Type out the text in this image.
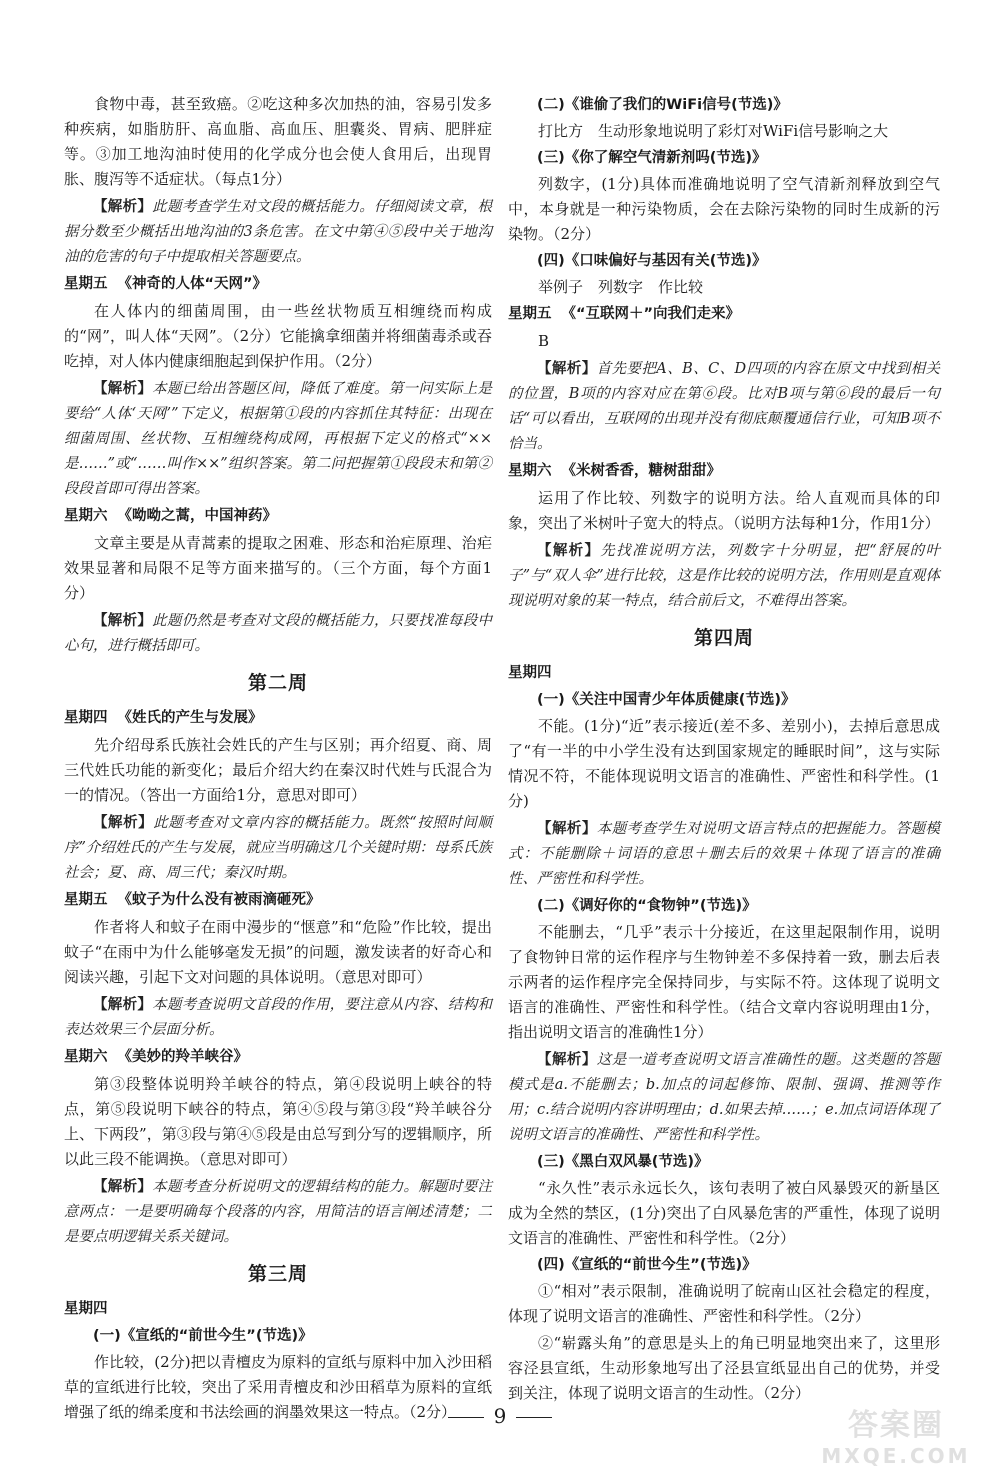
食物中毒，甚至致癌。②吃这种多次加热的油，容易引发多种疾病，如脂肪肝、高血脂、高血压、胆囊炎、胃病、肥胖症等。③加工地沟油时使用的化学成分也会使人食用后，出现胃胀、腹泻等不适症状。（每点1分）
【解析】此题考查学生对文段的概括能力。仔细阅读文章，根据分数至少概括出地沟油的3条危害。在文中第④⑤段中关于地沟油的危害的句子中提取相关答题要点。
星期五 《神奇的人体“天网”》
在人体内的细菌周围，由一些丝状物质互相缠绕而构成的“网”，叫人体“天网”。（2分）它能擒拿细菌并将细菌毒杀或吞吃掉，对人体内健康细胞起到保护作用。（2分）
【解析】本题已给出答题区间，降低了难度。第一问实际上是要给“人体‘天网’”下定义，根据第①段的内容抓住其特征：出现在细菌周围、丝状物、互相缠绕构成网，再根据下定义的格式“××是……”或“……叫作××”组织答案。第二问把握第①段段末和第②段段首即可得出答案。
星期六 《呦呦之蒿，中国神药》
文章主要是从青蒿素的提取之困难、形态和治疟原理、治疟效果显著和局限不足等方面来描写的。（三个方面，每个方面1分）
【解析】此题仍然是考查对文段的概括能力，只要找准每段中心句，进行概括即可。
第二周
星期四 《姓氏的产生与发展》
先介绍母系氏族社会姓氏的产生与区别；再介绍夏、商、周三代姓氏功能的新变化；最后介绍大约在秦汉时代姓与氏混合为一的情况。（答出一方面给1分，意思对即可）
【解析】此题考查对文章内容的概括能力。既然“按照时间顺序”介绍姓氏的产生与发展，就应当明确这几个关键时期：母系氏族社会；夏、商、周三代；秦汉时期。
星期五 《蚊子为什么没有被雨滴砸死》
作者将人和蚊子在雨中漫步的“惬意”和“危险”作比较，提出蚊子“在雨中为什么能够毫发无损”的问题，激发读者的好奇心和阅读兴趣，引起下文对问题的具体说明。（意思对即可）
【解析】本题考查说明文首段的作用，要注意从内容、结构和表达效果三个层面分析。
星期六 《美妙的羚羊峡谷》
第③段整体说明羚羊峡谷的特点，第④段说明上峡谷的特点，第⑤段说明下峡谷的特点，第④⑤段与第③段“羚羊峡谷分上、下两段”，第③段与第④⑤段是由总写到分写的逻辑顺序，所以此三段不能调换。（意思对即可）
【解析】本题考查分析说明文的逻辑结构的能力。解题时要注意两点：一是要明确每个段落的内容，用简洁的语言阐述清楚；二是要点明逻辑关系关键词。
第三周
星期四
(一)《宣纸的“前世今生”(节选)》
作比较，(2分)把以青檀皮为原料的宣纸与原料中加入沙田稻草的宣纸进行比较，突出了采用青檀皮和沙田稻草为原料的宣纸增强了纸的绵柔度和书法绘画的润墨效果这一特点。（2分）
(二)《谁偷了我们的WiFi信号(节选)》
打比方　生动形象地说明了彩灯对WiFi信号影响之大
(三)《你了解空气清新剂吗(节选)》
列数字，(1分)具体而准确地说明了空气清新剂释放到空气中，本身就是一种污染物质，会在去除污染物的同时生成新的污染物。（2分）
(四)《口味偏好与基因有关(节选)》
举例子　列数字　作比较
星期五 《“互联网＋”向我们走来》
B
【解析】首先要把A、B、C、D四项的内容在原文中找到相关的位置，B项的内容对应在第⑥段。比对B项与第⑥段的最后一句话“可以看出，互联网的出现并没有彻底颠覆通信行业，可知B项不恰当。
星期六 《米树香香，糖树甜甜》
运用了作比较、列数字的说明方法。给人直观而具体的印象，突出了米树叶子宽大的特点。（说明方法每种1分，作用1分）
【解析】先找准说明方法，列数字十分明显，把“舒展的叶子”与“双人伞”进行比较，这是作比较的说明方法，作用则是直观体现说明对象的某一特点，结合前后文，不难得出答案。
第四周
星期四
(一)《关注中国青少年体质健康(节选)》
不能。(1分)“近”表示接近(差不多、差别小)，去掉后意思成了“有一半的中小学生没有达到国家规定的睡眠时间”，这与实际情况不符，不能体现说明文语言的准确性、严密性和科学性。(1分)
【解析】本题考查学生对说明文语言特点的把握能力。答题模式：不能删除＋词语的意思＋删去后的效果＋体现了语言的准确性、严密性和科学性。
(二)《调好你的“食物钟”(节选)》
不能删去，“几乎”表示十分接近，在这里起限制作用，说明了食物钟日常的运作程序与生物钟差不多保持着一致，删去后表示两者的运作程序完全保持同步，与实际不符。这体现了说明文语言的准确性、严密性和科学性。（结合文章内容说明理由1分，指出说明文语言的准确性1分）
【解析】这是一道考查说明文语言准确性的题。这类题的答题模式是a.不能删去；b.加点的词起修饰、限制、强调、推测等作用；c.结合说明内容讲明理由；d.如果去掉……；e.加点词语体现了说明文语言的准确性、严密性和科学性。
(三)《黑白双风暴(节选)》
“永久性”表示永远长久，该句表明了被白风暴毁灭的新垦区成为全然的禁区，(1分)突出了白风暴危害的严重性，体现了说明文语言的准确性、严密性和科学性。（2分）
(四)《宣纸的“前世今生”(节选)》
①“相对”表示限制，准确说明了皖南山区社会稳定的程度，体现了说明文语言的准确性、严密性和科学性。（2分）
②“崭露头角”的意思是头上的角已明显地突出来了，这里形容泾县宣纸，生动形象地写出了泾县宣纸显出自己的优势，并受到关注，体现了说明文语言的生动性。（2分）
9	答案圈
MXQE.COM
